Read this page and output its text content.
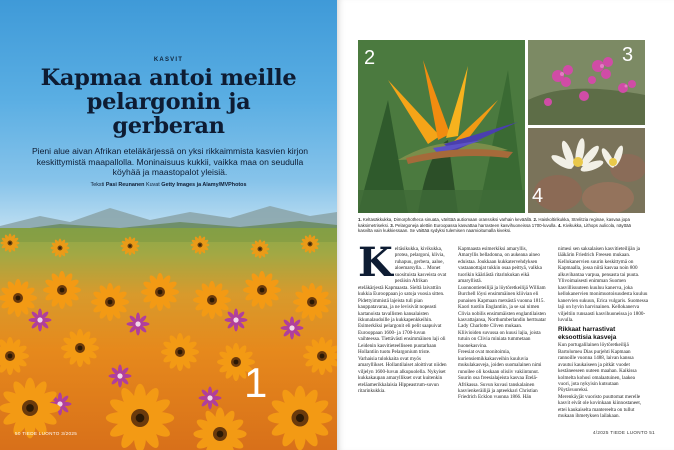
KASVIT
Kapmaa antoi meille pelargonin ja gerberan

Pieni alue aivan Afrikan eteläkärjessä on yksi rikkaimmista kasvien kirjon keskittymistä maapallolla. Moninaisuus kukkii, vaikka maa on seudulla köyhää ja maastopalot yleisiä.

Teksti Pasi Reunanen Kuvat Getty Images ja Alamy/MVPhotos

1
50 TIEDE LUONTO 3/2025
2	3
4

1. Keltasäkkukka, Dimorphotheca sinuata, värittää autiomaan oranssiksi varhain keväällä. 2. Haiskoltirikukka, Strelitzia reginae, kasvaa jopa kaksimetriseksi. 3. Pelargoneja alettiin Euroopassa kasvattaa harrasteen kasvihuoneissa 1700-luvulla. 4. Kivikukka, Lithops aulicola, näyttää kasvilta vain kukkiessaan. Se väittää sydyksi tulemisen naamioitumalla kiveksi.

K eltäsikukka, kivikukka, protea, pelargoni, klivia, ruhapuu, gerbera, aaloe, aloemarsylla… Monet suosituista kasveista ovat peräisin Afrikan eteläkärjestä Kapmaasta. Sieltä laivattiin kukkia Eurooppaan jo satoja vuosia sitten.

Pidettyimmistä lajeista tuli pian kauppatavaraa, ja ne levisivät nopeasti kartanoista tavallisten kansalaisten ikkunalaudoille ja kukkapenkkeihin.

Esimerkiksi pelargonit eli pelit saapuivat Eurooppaan 1600- ja 1700-luvun vaihteessa. Tiettävästi ensimmäinen laji oli Leidenin kasvitieteelliseen puutarhaan Hollantiin tuotu Pelargonium triste.

Varhaisia tulokkaita ovat myös amaryllikset. Hollantilaiset aloittivat niiden viljelyn 1600-luvun alkupuolella. Nykyiset kukkakaupan amaryllikset ovat kuitenkin eteläamerikkalaisia Hippeastrum-suvun ritarinkukkia.

Kapmaasta esimerkiksi amaryllis, Amaryllis belladonna, on aukeana aineo eduistaa. Joukkaan kukkatervehdyksen vastaanottajat tukkin osaa peittyä, valkka tuorikin kääriästä ritarinkukan eikä amaryllistä.

Luonnontieteilijä ja löytöretkeilijä William Burchell löysi ensimmäinen kliivian eli punaisen Kapmaan metsästä vuonna 1815. Kaori tuotiin Englantiin, ja se sai nimen Clivia nobilis ensimmäisten englantilaisten kasvattajansa, Northumberlandin herttuatar Lady Charlotte Cliven mukaan.

Kliivioiden suvussa on kuusi lajia, joista tutuin on Clivia miniata tummetaan huonekasvina.

Freesiat ovat monitoimia, kuriensiemikkakasveihin kuuluvia mukulakasveja, joiden suomalainen nimi runoilee oli koskaan olisiiv vakiintunut. Suurin osa freesialajeista kasvaa Etelä-Afrikassa. Suvun kuvasi tanskalainen kasvienkeräilijä ja apteekkari Christian Friedrich Ecklon vuonna 1866. Hän

nimesi sen saksalaisen kasvitieteilijän ja lääkärin Friedrich Freesen mukaan.

Kellokanervien suurin keskittymä on Kapmaalla, jossa niitä kasvaa noin 800 alkuvihantaa varpua, pensasta tai puuta. Ylivoimaisesti enimman Suomen kasvillisuuteen kuuluu kanerva, joka kellokanervien monimuotoisuudesta kuuluu kanervien sukuun, Erica vulgaris. Suomessa laji on hyvin harvinainen. Kellokanerva viljeltiin runsaasti kasvihuoneissa jo 1800-luvulla.

Rikkaat harrastivat eksoottisia kasveja

Kun portugalilainen löytöretkeilijä Bartolomeu Dias purjehti Kapmaan rannoille vuonna 1488, laivan kanssa avautui kaukaiseen ja pitkät vuodet kestäneeseen uuteen maahan. Kaikissa kolmelta kohosi omalaatuinen, laakea vuori, jota nykyisin kutsutaan Pöytävuoreksi.

Merenkäyjät vuoristo puuttomat merelle kasvit eivät ole kovinkaan kiinnostaneet, ettei kaukaiselta mantereelta on tullut mukaan ihmetyksen lailakaan.

4/2025 TIEDE LUONTO 51
